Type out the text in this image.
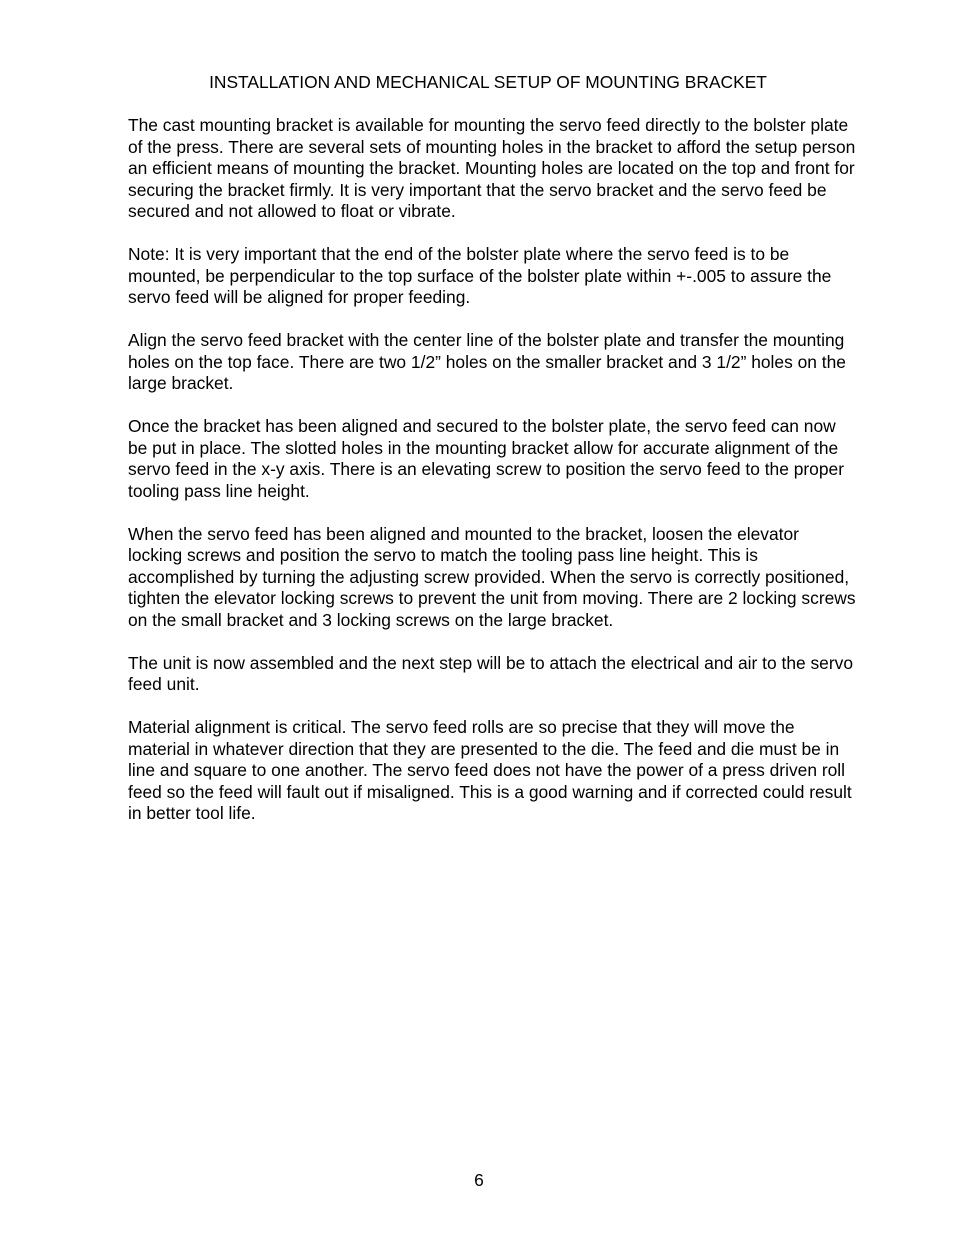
INSTALLATION AND MECHANICAL SETUP OF MOUNTING BRACKET

The cast mounting bracket is available for mounting the servo feed directly to the bolster plate of the press. There are several sets of mounting holes in the bracket to afford the setup person an efficient means of mounting the bracket. Mounting holes are located on the top and front for securing the bracket firmly. It is very important that the servo bracket and the servo feed be secured and not allowed to float or vibrate.

Note: It is very important that the end of the bolster plate where the servo feed is to be mounted, be perpendicular to the top surface of the bolster plate within +-.005 to assure the servo feed will be aligned for proper feeding.

Align the servo feed bracket with the center line of the bolster plate and transfer the mounting holes on the top face. There are two 1/2” holes on the smaller bracket and 3 1/2” holes on the large bracket.

Once the bracket has been aligned and secured to the bolster plate, the servo feed can now be put in place. The slotted holes in the mounting bracket allow for accurate alignment of the servo feed in the x-y axis. There is an elevating screw to position the servo feed to the proper tooling pass line height.

When the servo feed has been aligned and mounted to the bracket, loosen the elevator locking screws and position the servo to match the tooling pass line height. This is accomplished by turning the adjusting screw provided. When the servo is correctly positioned, tighten the elevator locking screws to prevent the unit from moving. There are 2 locking screws on the small bracket and 3 locking screws on the large bracket.

The unit is now assembled and the next step will be to attach the electrical and air to the servo feed unit.

Material alignment is critical. The servo feed rolls are so precise that they will move the material in whatever direction that they are presented to the die. The feed and die must be in line and square to one another. The servo feed does not have the power of a press driven roll feed so the feed will fault out if misaligned. This is a good warning and if corrected could result in better tool life.

6
